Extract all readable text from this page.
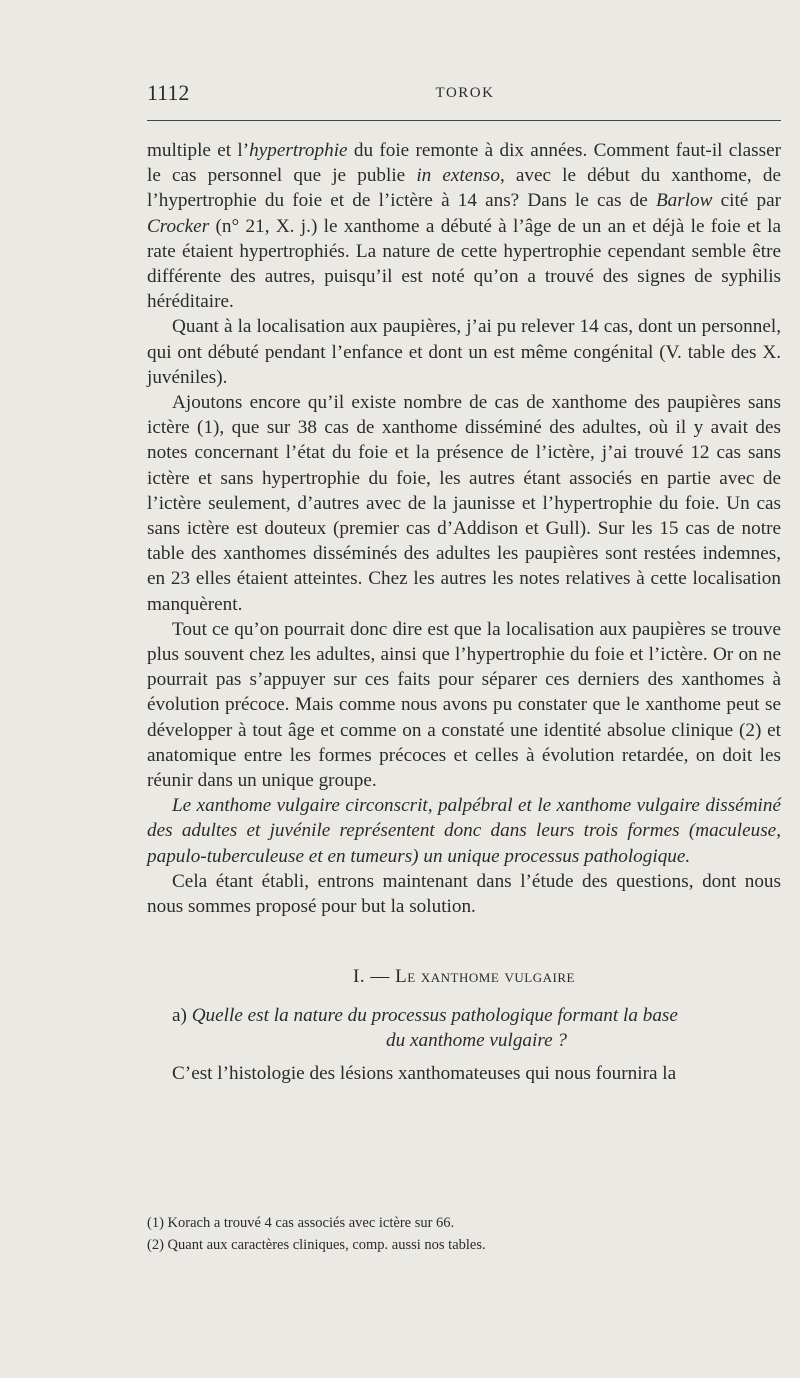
1112	TOROK

multiple et l’hypertrophie du foie remonte à dix années. Comment faut-il classer le cas personnel que je publie in extenso, avec le début du xanthome, de l’hypertrophie du foie et de l’ictère à 14 ans? Dans le cas de Barlow cité par Crocker (n° 21, X. j.) le xanthome a débuté à l’âge de un an et déjà le foie et la rate étaient hypertrophiés. La nature de cette hypertrophie cependant semble être différente des autres, puisqu’il est noté qu’on a trouvé des signes de syphilis héréditaire.

Quant à la localisation aux paupières, j’ai pu relever 14 cas, dont un personnel, qui ont débuté pendant l’enfance et dont un est même congénital (V. table des X. juvéniles).

Ajoutons encore qu’il existe nombre de cas de xanthome des paupières sans ictère (1), que sur 38 cas de xanthome disséminé des adultes, où il y avait des notes concernant l’état du foie et la présence de l’ictère, j’ai trouvé 12 cas sans ictère et sans hypertrophie du foie, les autres étant associés en partie avec de l’ictère seulement, d’autres avec de la jaunisse et l’hypertrophie du foie. Un cas sans ictère est douteux (premier cas d’Addison et Gull). Sur les 15 cas de notre table des xanthomes disséminés des adultes les paupières sont restées indemnes, en 23 elles étaient atteintes. Chez les autres les notes relatives à cette localisation manquèrent.

Tout ce qu’on pourrait donc dire est que la localisation aux paupières se trouve plus souvent chez les adultes, ainsi que l’hypertrophie du foie et l’ictère. Or on ne pourrait pas s’appuyer sur ces faits pour séparer ces derniers des xanthomes à évolution précoce. Mais comme nous avons pu constater que le xanthome peut se développer à tout âge et comme on a constaté une identité absolue clinique (2) et anatomique entre les formes précoces et celles à évolution retardée, on doit les réunir dans un unique groupe.

Le xanthome vulgaire circonscrit, palpébral et le xanthome vulgaire disséminé des adultes et juvénile représentent donc dans leurs trois formes (maculeuse, papulo-tuberculeuse et en tumeurs) un unique processus pathologique.

Cela étant établi, entrons maintenant dans l’étude des questions, dont nous nous sommes proposé pour but la solution.

I. — Le xanthome vulgaire

a) Quelle est la nature du processus pathologique formant la base

du xanthome vulgaire ?

C’est l’histologie des lésions xanthomateuses qui nous fournira la

(1) Korach a trouvé 4 cas associés avec ictère sur 66.

(2) Quant aux caractères cliniques, comp. aussi nos tables.
